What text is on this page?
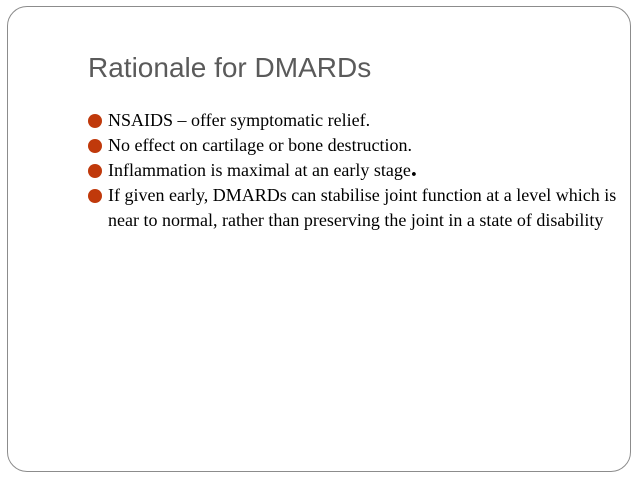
Rationale for DMARDs
NSAIDS – offer symptomatic relief.
No effect on cartilage or bone destruction.
Inflammation is maximal at an early stage.
If given early, DMARDs can stabilise joint function at a level which is near to normal, rather than preserving the joint in a state of disability
